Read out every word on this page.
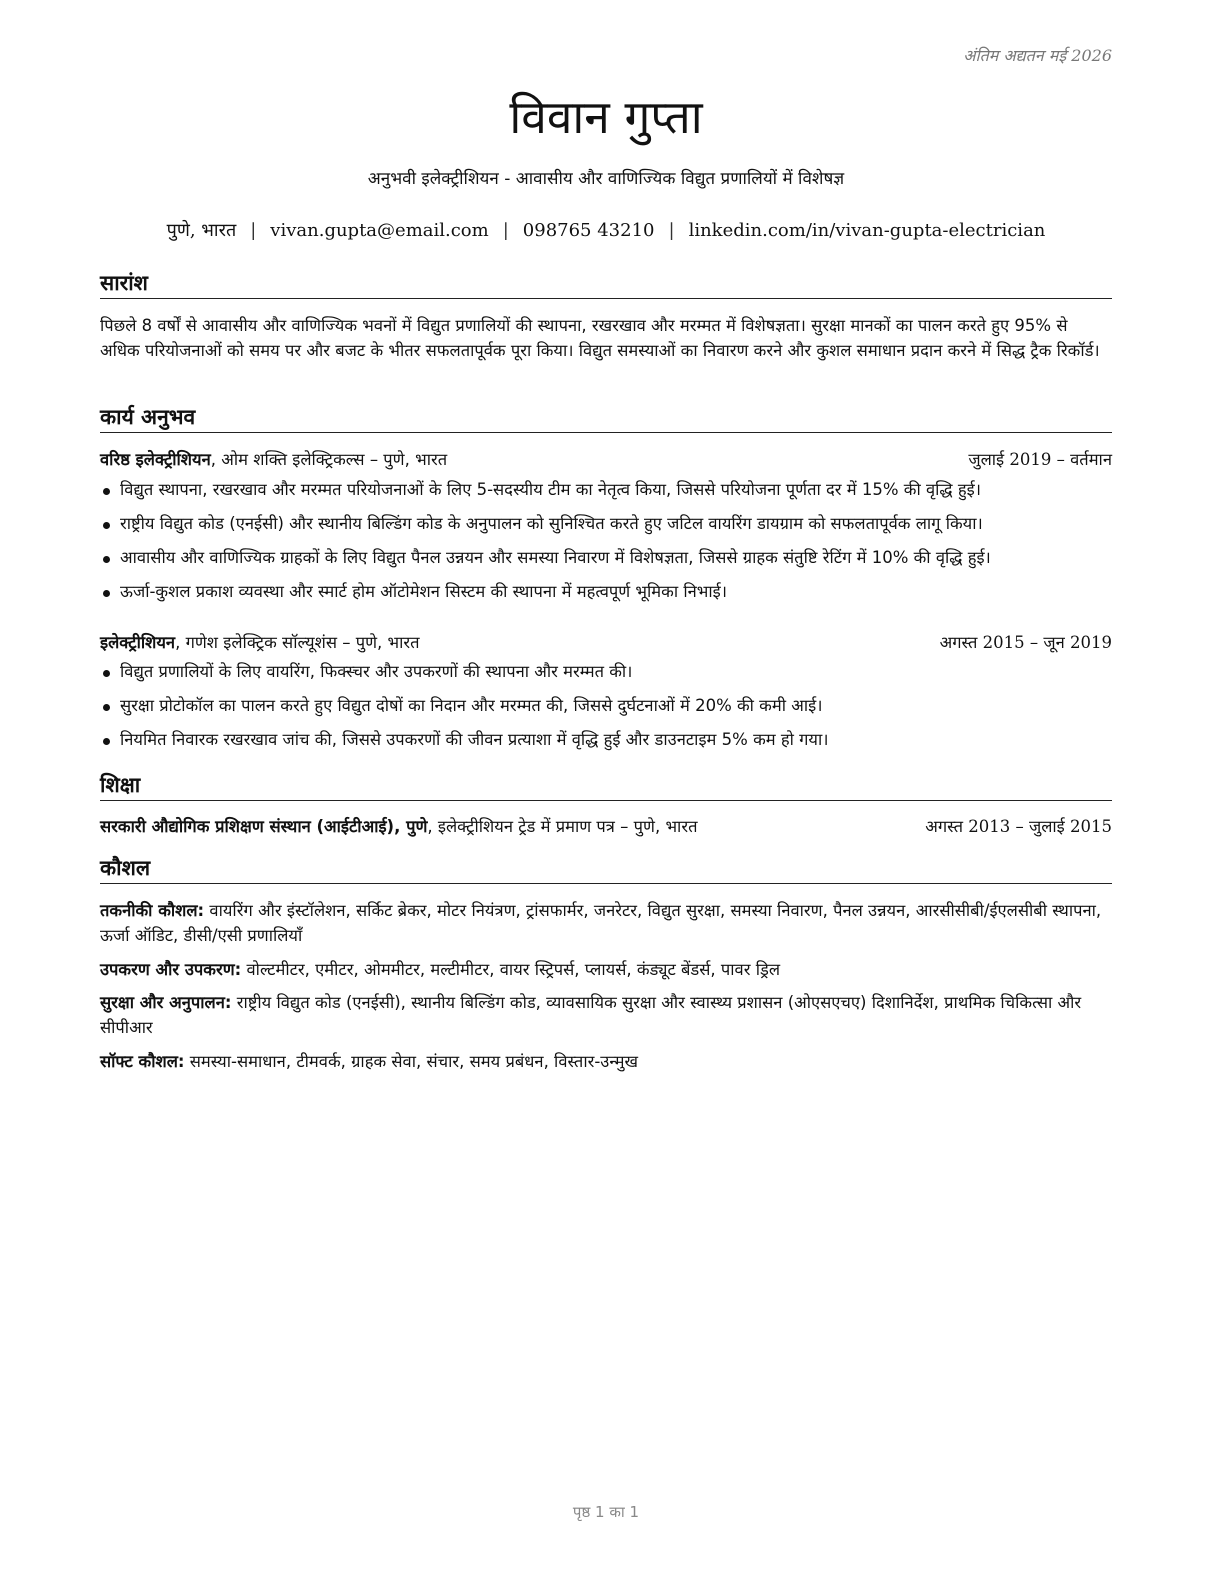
अंतिम अद्यतन मई 2026
विवान गुप्ता
अनुभवी इलेक्ट्रीशियन - आवासीय और वाणिज्यिक विद्युत प्रणालियों में विशेषज्ञ
पुणे, भारत | vivan.gupta@email.com | 098765 43210 | linkedin.com/in/vivan-gupta-electrician
सारांश

पिछले 8 वर्षों से आवासीय और वाणिज्यिक भवनों में विद्युत प्रणालियों की स्थापना, रखरखाव और मरम्मत में विशेषज्ञता। सुरक्षा मानकों का पालन करते हुए 95% से अधिक परियोजनाओं को समय पर और बजट के भीतर सफलतापूर्वक पूरा किया। विद्युत समस्याओं का निवारण करने और कुशल समाधान प्रदान करने में सिद्ध ट्रैक रिकॉर्ड।

कार्य अनुभव
वरिष्ठ इलेक्ट्रीशियन, ओम शक्ति इलेक्ट्रिकल्स – पुणे, भारत	जुलाई 2019 – वर्तमान
विद्युत स्थापना, रखरखाव और मरम्मत परियोजनाओं के लिए 5-सदस्यीय टीम का नेतृत्व किया, जिससे परियोजना पूर्णता दर में 15% की वृद्धि हुई।
राष्ट्रीय विद्युत कोड (एनईसी) और स्थानीय बिल्डिंग कोड के अनुपालन को सुनिश्चित करते हुए जटिल वायरिंग डायग्राम को सफलतापूर्वक लागू किया।
आवासीय और वाणिज्यिक ग्राहकों के लिए विद्युत पैनल उन्नयन और समस्या निवारण में विशेषज्ञता, जिससे ग्राहक संतुष्टि रेटिंग में 10% की वृद्धि हुई।
ऊर्जा-कुशल प्रकाश व्यवस्था और स्मार्ट होम ऑटोमेशन सिस्टम की स्थापना में महत्वपूर्ण भूमिका निभाई।
इलेक्ट्रीशियन, गणेश इलेक्ट्रिक सॉल्यूशंस – पुणे, भारत	अगस्त 2015 – जून 2019
विद्युत प्रणालियों के लिए वायरिंग, फिक्स्चर और उपकरणों की स्थापना और मरम्मत की।
सुरक्षा प्रोटोकॉल का पालन करते हुए विद्युत दोषों का निदान और मरम्मत की, जिससे दुर्घटनाओं में 20% की कमी आई।
नियमित निवारक रखरखाव जांच की, जिससे उपकरणों की जीवन प्रत्याशा में वृद्धि हुई और डाउनटाइम 5% कम हो गया।
शिक्षा
सरकारी औद्योगिक प्रशिक्षण संस्थान (आईटीआई), पुणे, इलेक्ट्रीशियन ट्रेड में प्रमाण पत्र – पुणे, भारत	अगस्त 2013 – जुलाई 2015
कौशल

तकनीकी कौशल: वायरिंग और इंस्टॉलेशन, सर्किट ब्रेकर, मोटर नियंत्रण, ट्रांसफार्मर, जनरेटर, विद्युत सुरक्षा, समस्या निवारण, पैनल उन्नयन, आरसीसीबी/ईएलसीबी स्थापना, ऊर्जा ऑडिट, डीसी/एसी प्रणालियाँ

उपकरण और उपकरण: वोल्टमीटर, एमीटर, ओममीटर, मल्टीमीटर, वायर स्ट्रिपर्स, प्लायर्स, कंड्यूट बेंडर्स, पावर ड्रिल

सुरक्षा और अनुपालन: राष्ट्रीय विद्युत कोड (एनईसी), स्थानीय बिल्डिंग कोड, व्यावसायिक सुरक्षा और स्वास्थ्य प्रशासन (ओएसएचए) दिशानिर्देश, प्राथमिक चिकित्सा और सीपीआर

सॉफ्ट कौशल: समस्या-समाधान, टीमवर्क, ग्राहक सेवा, संचार, समय प्रबंधन, विस्तार-उन्मुख

पृष्ठ 1 का 1
